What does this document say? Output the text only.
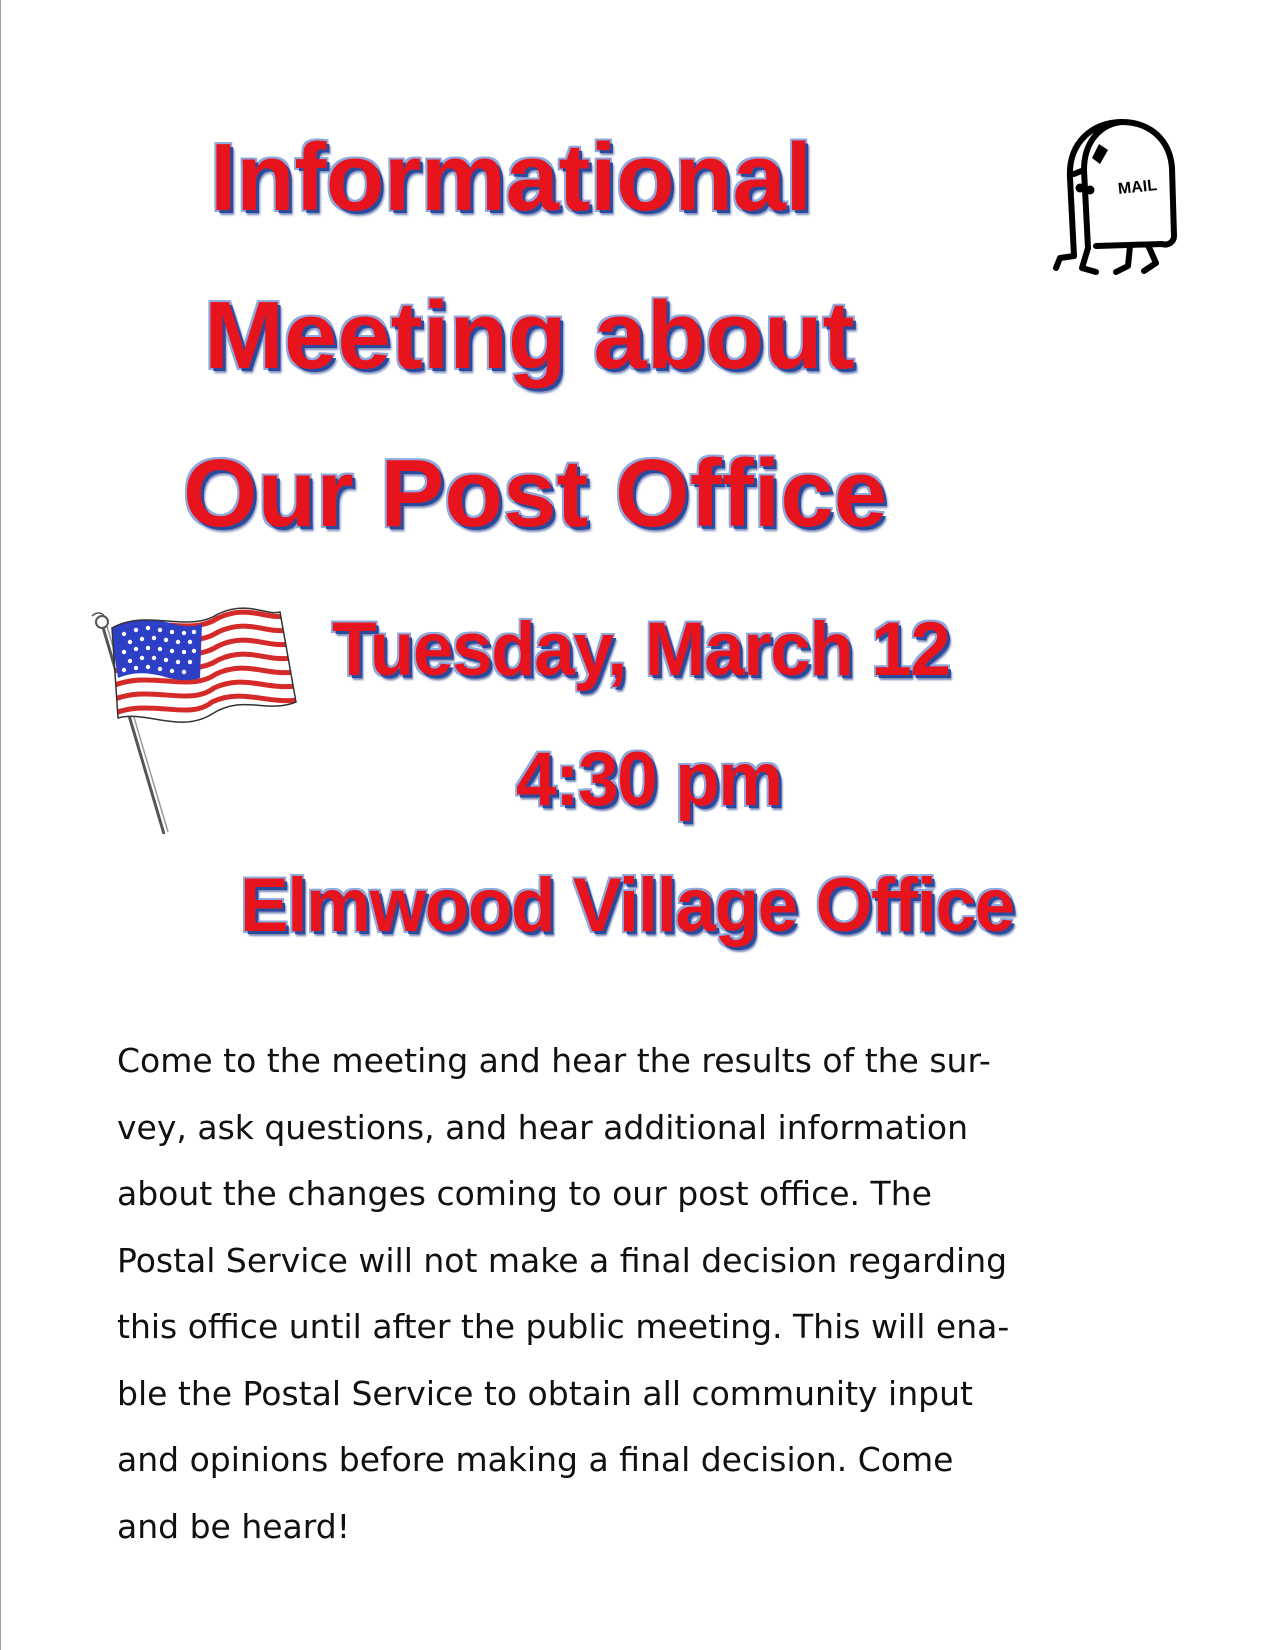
Informational
Meeting about
Our Post Office
Tuesday, March 12
4:30 pm
Elmwood Village Office
MAIL
Come to the meeting and hear the results of the sur-
vey, ask questions, and hear additional information
about the changes coming to our post office. The
Postal Service will not make a final decision regarding
this office until after the public meeting. This will ena-
ble the Postal Service to obtain all community input
and opinions before making a final decision. Come
and be heard!
